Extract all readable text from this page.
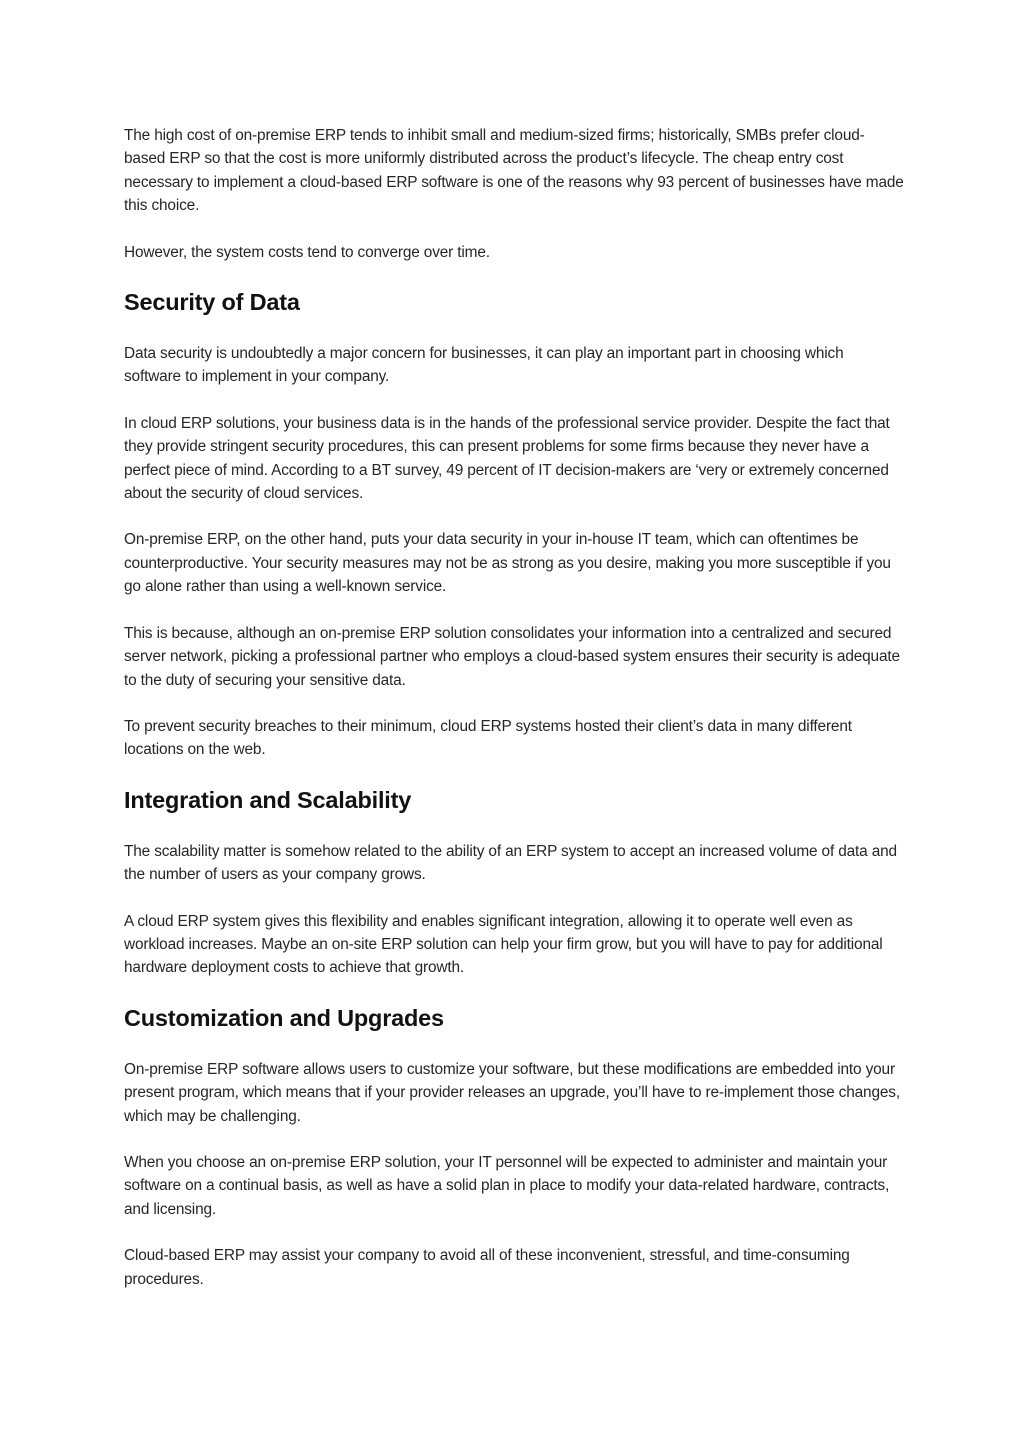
The high cost of on-premise ERP tends to inhibit small and medium-sized firms; historically, SMBs prefer cloud-based ERP so that the cost is more uniformly distributed across the product’s lifecycle. The cheap entry cost necessary to implement a cloud-based ERP software is one of the reasons why 93 percent of businesses have made this choice.

However, the system costs tend to converge over time.

Security of Data

Data security is undoubtedly a major concern for businesses, it can play an important part in choosing which software to implement in your company.

In cloud ERP solutions, your business data is in the hands of the professional service provider. Despite the fact that they provide stringent security procedures, this can present problems for some firms because they never have a perfect piece of mind. According to a BT survey, 49 percent of IT decision-makers are ‘very or extremely concerned about the security of cloud services.

On-premise ERP, on the other hand, puts your data security in your in-house IT team, which can oftentimes be counterproductive. Your security measures may not be as strong as you desire, making you more susceptible if you go alone rather than using a well-known service.

This is because, although an on-premise ERP solution consolidates your information into a centralized and secured server network, picking a professional partner who employs a cloud-based system ensures their security is adequate to the duty of securing your sensitive data.

To prevent security breaches to their minimum, cloud ERP systems hosted their client’s data in many different locations on the web.

Integration and Scalability

The scalability matter is somehow related to the ability of an ERP system to accept an increased volume of data and the number of users as your company grows.

A cloud ERP system gives this flexibility and enables significant integration, allowing it to operate well even as workload increases. Maybe an on-site ERP solution can help your firm grow, but you will have to pay for additional hardware deployment costs to achieve that growth.

Customization and Upgrades

On-premise ERP software allows users to customize your software, but these modifications are embedded into your present program, which means that if your provider releases an upgrade, you’ll have to re-implement those changes, which may be challenging.

When you choose an on-premise ERP solution, your IT personnel will be expected to administer and maintain your software on a continual basis, as well as have a solid plan in place to modify your data-related hardware, contracts, and licensing.

Cloud-based ERP may assist your company to avoid all of these inconvenient, stressful, and time-consuming procedures.
